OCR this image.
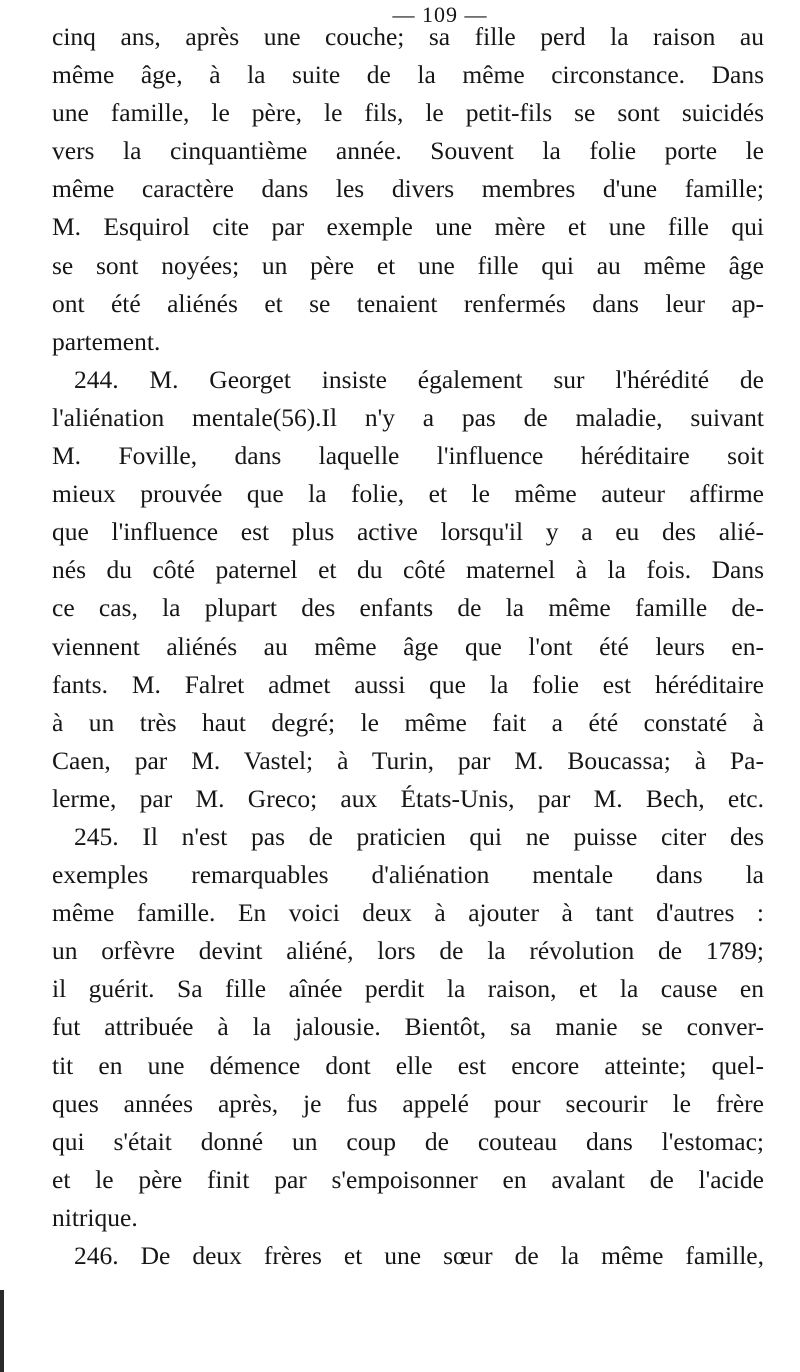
— 109 —
cinq ans, après une couche; sa fille perd la raison au
même âge, à la suite de la même circonstance. Dans
une famille, le père, le fils, le petit-fils se sont suicidés
vers la cinquantième année. Souvent la folie porte le
même caractère dans les divers membres d'une famille;
M. Esquirol cite par exemple une mère et une fille qui
se sont noyées; un père et une fille qui au même âge
ont été aliénés et se tenaient renfermés dans leur ap-
partement.
244. M. Georget insiste également sur l'hérédité de
l'aliénation mentale(56).Il n'y a pas de maladie, suivant
M. Foville, dans laquelle l'influence héréditaire soit
mieux prouvée que la folie, et le même auteur affirme
que l'influence est plus active lorsqu'il y a eu des alié-
nés du côté paternel et du côté maternel à la fois. Dans
ce cas, la plupart des enfants de la même famille de-
viennent aliénés au même âge que l'ont été leurs en-
fants. M. Falret admet aussi que la folie est héréditaire
à un très haut degré; le même fait a été constaté à
Caen, par M. Vastel; à Turin, par M. Boucassa; à Pa-
lerme, par M. Greco; aux États-Unis, par M. Bech, etc.
245. Il n'est pas de praticien qui ne puisse citer des
exemples remarquables d'aliénation mentale dans la
même famille. En voici deux à ajouter à tant d'autres :
un orfèvre devint aliéné, lors de la révolution de 1789;
il guérit. Sa fille aînée perdit la raison, et la cause en
fut attribuée à la jalousie. Bientôt, sa manie se conver-
tit en une démence dont elle est encore atteinte; quel-
ques années après, je fus appelé pour secourir le frère
qui s'était donné un coup de couteau dans l'estomac;
et le père finit par s'empoisonner en avalant de l'acide
nitrique.
246. De deux frères et une sœur de la même famille,
